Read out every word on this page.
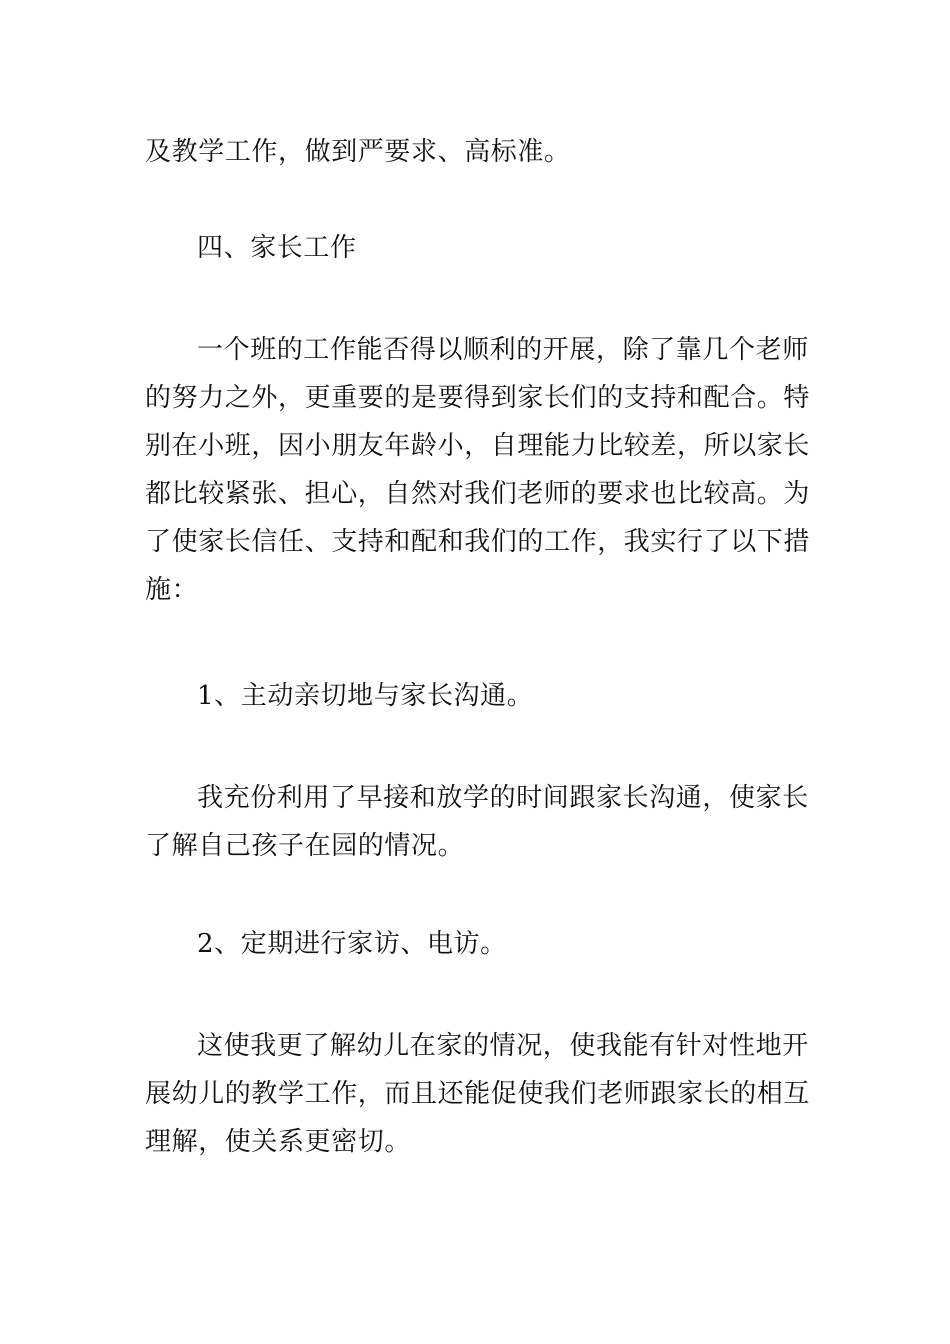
及教学工作，做到严要求、高标准。

四、家长工作

一个班的工作能否得以顺利的开展，除了靠几个老师的努力之外，更重要的是要得到家长们的支持和配合。特别在小班，因小朋友年龄小，自理能力比较差，所以家长都比较紧张、担心，自然对我们老师的要求也比较高。为了使家长信任、支持和配和我们的工作，我实行了以下措施：

1、主动亲切地与家长沟通。

我充份利用了早接和放学的时间跟家长沟通，使家长了解自己孩子在园的情况。

2、定期进行家访、电访。

这使我更了解幼儿在家的情况，使我能有针对性地开展幼儿的教学工作，而且还能促使我们老师跟家长的相互理解，使关系更密切。
